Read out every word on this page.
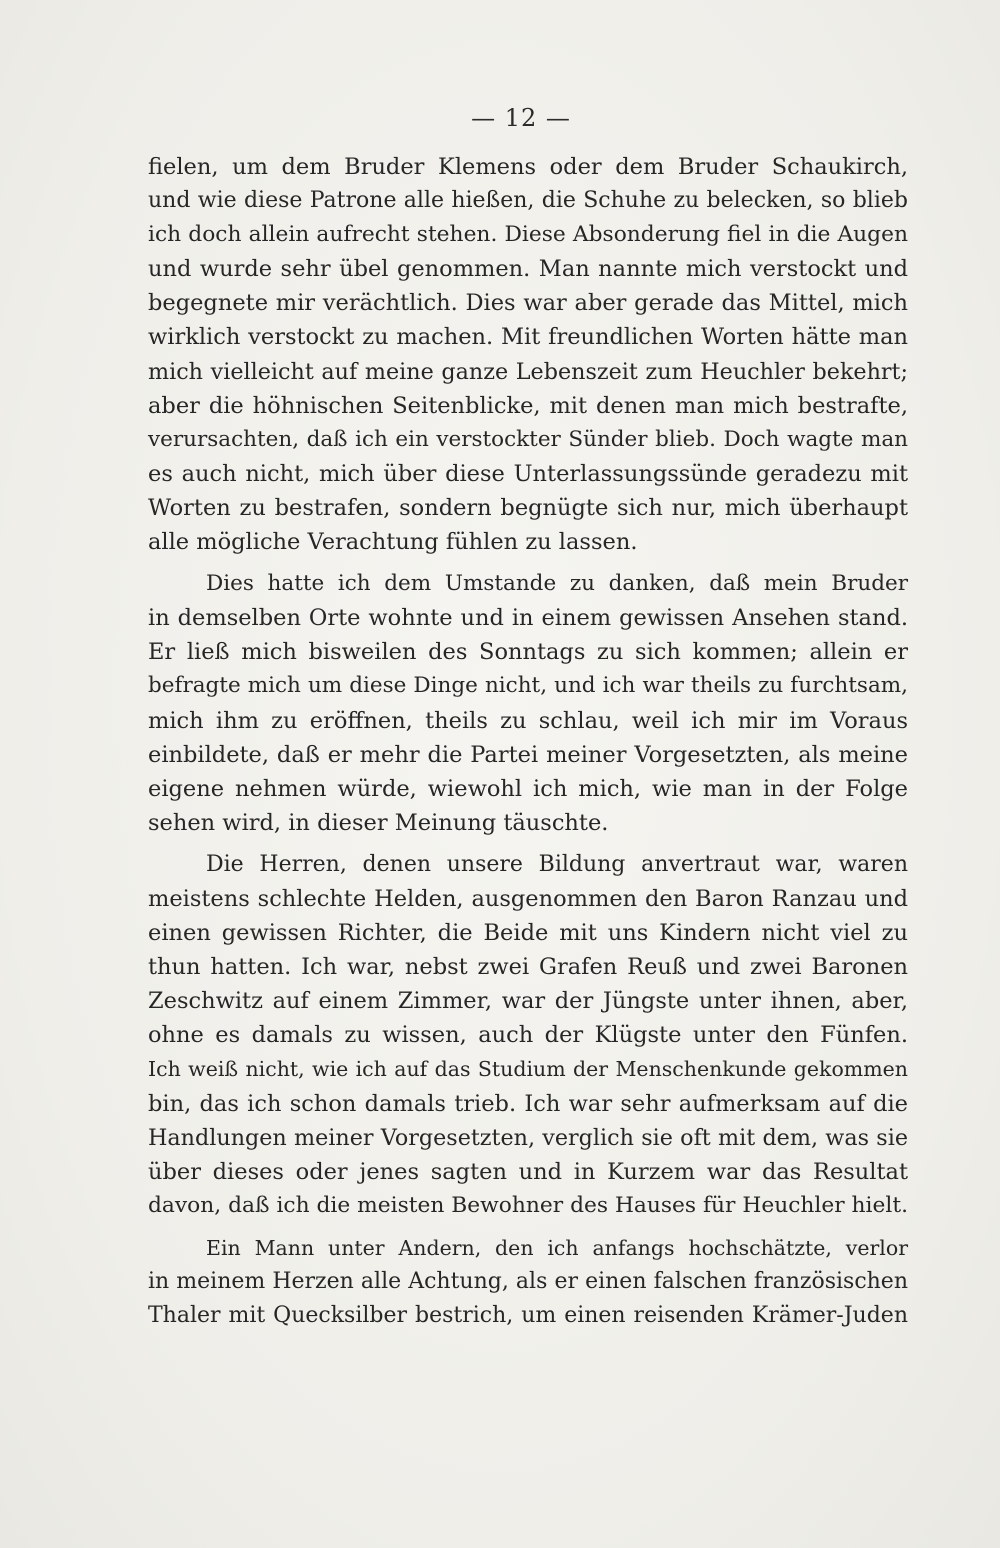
— 12 —
fielen, um dem Bruder Klemens oder dem Bruder Schaukirch,
und wie diese Patrone alle hießen, die Schuhe zu belecken, so blieb
ich doch allein aufrecht stehen. Diese Absonderung fiel in die Augen
und wurde sehr übel genommen. Man nannte mich verstockt und
begegnete mir verächtlich. Dies war aber gerade das Mittel, mich
wirklich verstockt zu machen. Mit freundlichen Worten hätte man
mich vielleicht auf meine ganze Lebenszeit zum Heuchler bekehrt;
aber die höhnischen Seitenblicke, mit denen man mich bestrafte,
verursachten, daß ich ein verstockter Sünder blieb. Doch wagte man
es auch nicht, mich über diese Unterlassungssünde geradezu mit
Worten zu bestrafen, sondern begnügte sich nur, mich überhaupt
alle mögliche Verachtung fühlen zu lassen.
Dies hatte ich dem Umstande zu danken, daß mein Bruder
in demselben Orte wohnte und in einem gewissen Ansehen stand.
Er ließ mich bisweilen des Sonntags zu sich kommen; allein er
befragte mich um diese Dinge nicht, und ich war theils zu furchtsam,
mich ihm zu eröffnen, theils zu schlau, weil ich mir im Voraus
einbildete, daß er mehr die Partei meiner Vorgesetzten, als meine
eigene nehmen würde, wiewohl ich mich, wie man in der Folge
sehen wird, in dieser Meinung täuschte.
Die Herren, denen unsere Bildung anvertraut war, waren
meistens schlechte Helden, ausgenommen den Baron Ranzau und
einen gewissen Richter, die Beide mit uns Kindern nicht viel zu
thun hatten. Ich war, nebst zwei Grafen Reuß und zwei Baronen
Zeschwitz auf einem Zimmer, war der Jüngste unter ihnen, aber,
ohne es damals zu wissen, auch der Klügste unter den Fünfen.
Ich weiß nicht, wie ich auf das Studium der Menschenkunde gekommen
bin, das ich schon damals trieb. Ich war sehr aufmerksam auf die
Handlungen meiner Vorgesetzten, verglich sie oft mit dem, was sie
über dieses oder jenes sagten und in Kurzem war das Resultat
davon, daß ich die meisten Bewohner des Hauses für Heuchler hielt.
Ein Mann unter Andern, den ich anfangs hochschätzte, verlor
in meinem Herzen alle Achtung, als er einen falschen französischen
Thaler mit Quecksilber bestrich, um einen reisenden Krämer-Juden
